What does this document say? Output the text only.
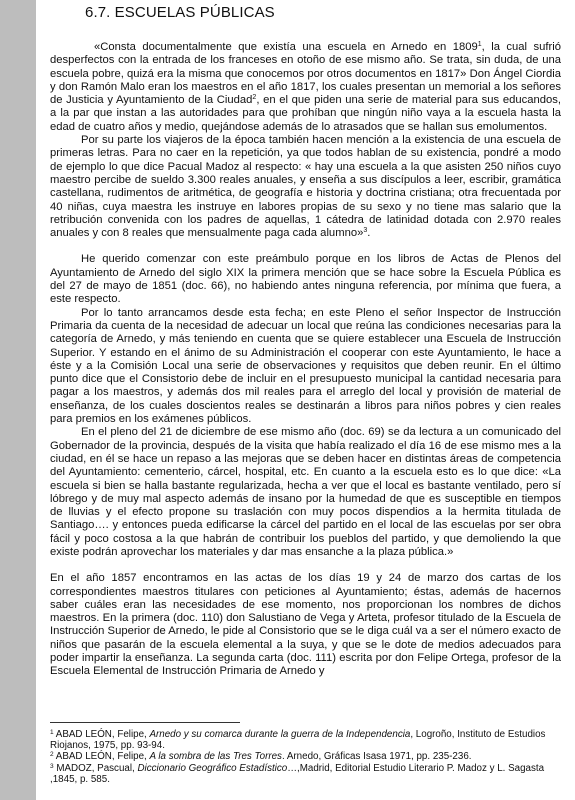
6.7. ESCUELAS PÚBLICAS

«Consta documentalmente que existía una escuela en Arnedo en 1809$^1$, la cual sufrió desperfectos con la entrada de los franceses en otoño de ese mismo año. Se trata, sin duda, de una escuela pobre, quizá era la misma que conocemos por otros documentos en 1817» Don Ángel Ciordia y don Ramón Malo eran los maestros en el año 1817, los cuales presentan un memorial a los señores de Justicia y Ayuntamiento de la Ciudad$^2$, en el que piden una serie de material para sus educandos, a la par que instan a las autoridades para que prohíban que ningún niño vaya a la escuela hasta la edad de cuatro años y medio, quejándose además de lo atrasados que se hallan sus emolumentos.

Por su parte los viajeros de la época también hacen mención a la existencia de una escuela de primeras letras. Para no caer en la repetición, ya que todos hablan de su existencia, pondré a modo de ejemplo lo que dice Pacual Madoz al respecto: « hay una escuela a la que asisten 250 niños cuyo maestro percibe de sueldo 3.300 reales anuales, y enseña a sus discípulos a leer, escribir, gramática castellana, rudimentos de aritmética, de geografía e historia y doctrina cristiana; otra frecuentada por 40 niñas, cuya maestra les instruye en labores propias de su sexo y no tiene mas salario que la retribución convenida con los padres de aquellas, 1 cátedra de latinidad dotada con 2.970 reales anuales y con 8 reales que mensualmente paga cada alumno»$^3$.

He querido comenzar con este preámbulo porque en los libros de Actas de Plenos del Ayuntamiento de Arnedo del siglo XIX la primera mención que se hace sobre la Escuela Pública es del 27 de mayo de 1851 (doc. 66), no habiendo antes ninguna referencia, por mínima que fuera, a este respecto.

Por lo tanto arrancamos desde esta fecha; en este Pleno el señor Inspector de Instrucción Primaria da cuenta de la necesidad de adecuar un local que reúna las condiciones necesarias para la categoría de Arnedo, y más teniendo en cuenta que se quiere establecer una Escuela de Instrucción Superior. Y estando en el ánimo de su Administración el cooperar con este Ayuntamiento, le hace a éste y a la Comisión Local una serie de observaciones y requisitos que deben reunir. En el último punto dice que el Consistorio debe de incluir en el presupuesto municipal la cantidad necesaria para pagar a los maestros, y además dos mil reales para el arreglo del local y provisión de material de enseñanza, de los cuales doscientos reales se destinarán a libros para niños pobres y cien reales para premios en los exámenes públicos.

En el pleno del 21 de diciembre de ese mismo año (doc. 69) se da lectura a un comunicado del Gobernador de la provincia, después de la visita que había realizado el día 16 de ese mismo mes a la ciudad, en él se hace un repaso a las mejoras que se deben hacer en distintas áreas de competencia del Ayuntamiento: cementerio, cárcel, hospital, etc. En cuanto a la escuela esto es lo que dice: «La escuela si bien se halla bastante regularizada, hecha a ver que el local es bastante ventilado, pero sí lóbrego y de muy mal aspecto además de insano por la humedad de que es susceptible en tiempos de lluvias y el efecto propone su traslación con muy pocos dispendios a la hermita titulada de Santiago…. y entonces pueda edificarse la cárcel del partido en el local de las escuelas por ser obra fácil y poco costosa a la que habrán de contribuir los pueblos del partido, y que demoliendo la que existe podrán aprovechar los materiales y dar mas ensanche a la plaza pública.»

En el año 1857 encontramos en las actas de los días 19 y 24 de marzo dos cartas de los correspondientes maestros titulares con peticiones al Ayuntamiento; éstas, además de hacernos saber cuáles eran las necesidades de ese momento, nos proporcionan los nombres de dichos maestros. En la primera (doc. 110) don Salustiano de Vega y Arteta, profesor titulado de la Escuela de Instrucción Superior de Arnedo, le pide al Consistorio que se le diga cuál va a ser el número exacto de niños que pasarán de la escuela elemental a la suya, y que se le dote de medios adecuados para poder impartir la enseñanza. La segunda carta (doc. 111) escrita por don Felipe Ortega, profesor de la Escuela Elemental de Instrucción Primaria de Arnedo y

$^1$ ABAD LEÓN, Felipe, Arnedo y su comarca durante la guerra de la Independencia, Logroño, Instituto de Estudios Riojanos, 1975, pp. 93-94.

$^2$ ABAD LEÓN, Felipe, A la sombra de las Tres Torres. Arnedo, Gráficas Isasa 1971, pp. 235-236.

$^3$ MADOZ, Pascual, Diccionario Geográfico Estadístico…,Madrid, Editorial Estudio Literario P. Madoz y L. Sagasta ,1845, p. 585.
